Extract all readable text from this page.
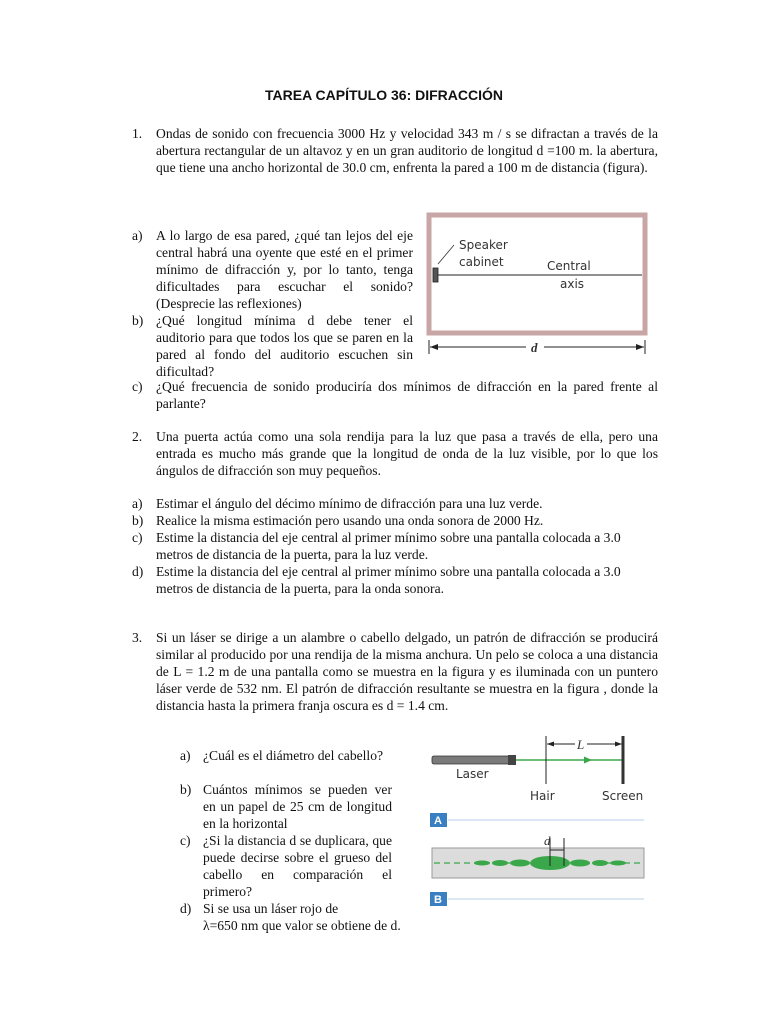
TAREA CAPÍTULO 36: DIFRACCIÓN
1. Ondas de sonido con frecuencia 3000 Hz y velocidad 343 m / s se difractan a través de la abertura rectangular de un altavoz y en un gran auditorio de longitud d =100 m. la abertura, que tiene una ancho horizontal de 30.0 cm, enfrenta la pared a 100 m de distancia (figura).
a) A lo largo de esa pared, ¿qué tan lejos del eje central habrá una oyente que esté en el primer mínimo de difracción y, por lo tanto, tenga dificultades para escuchar el sonido? (Desprecie las reflexiones)
b) ¿Qué longitud mínima d debe tener el auditorio para que todos los que se paren en la pared al fondo del auditorio escuchen sin dificultad?
c) ¿Qué frecuencia de sonido produciría dos mínimos de difracción en la pared frente al parlante?
Speaker
cabinet	Central
axis
d
2. Una puerta actúa como una sola rendija para la luz que pasa a través de ella, pero una entrada es mucho más grande que la longitud de onda de la luz visible, por lo que los ángulos de difracción son muy pequeños.
a) Estimar el ángulo del décimo mínimo de difracción para una luz verde.
b) Realice la misma estimación pero usando una onda sonora de 2000 Hz.
c) Estime la distancia del eje central al primer mínimo sobre una pantalla colocada a 3.0 metros de distancia de la puerta, para la luz verde.
d) Estime la distancia del eje central al primer mínimo sobre una pantalla colocada a 3.0 metros de distancia de la puerta, para la onda sonora.
3. Si un láser se dirige a un alambre o cabello delgado, un patrón de difracción se producirá similar al producido por una rendija de la misma anchura. Un pelo se coloca a una distancia de L = 1.2 m de una pantalla como se muestra en la figura y es iluminada con un puntero láser verde de 532 nm. El patrón de difracción resultante se muestra en la figura , donde la distancia hasta la primera franja oscura es d = 1.4 cm.
a) ¿Cuál es el diámetro del cabello?
b) Cuántos mínimos se pueden ver en un papel de 25 cm de longitud en la horizontal
c) ¿Si la distancia d se duplicara, que puede decirse sobre el grueso del cabello en comparación el primero?
d) Si se usa un láser rojo de
λ=650 nm que valor se obtiene de d.
L
Laser
Hair	Screen
A
d
B
